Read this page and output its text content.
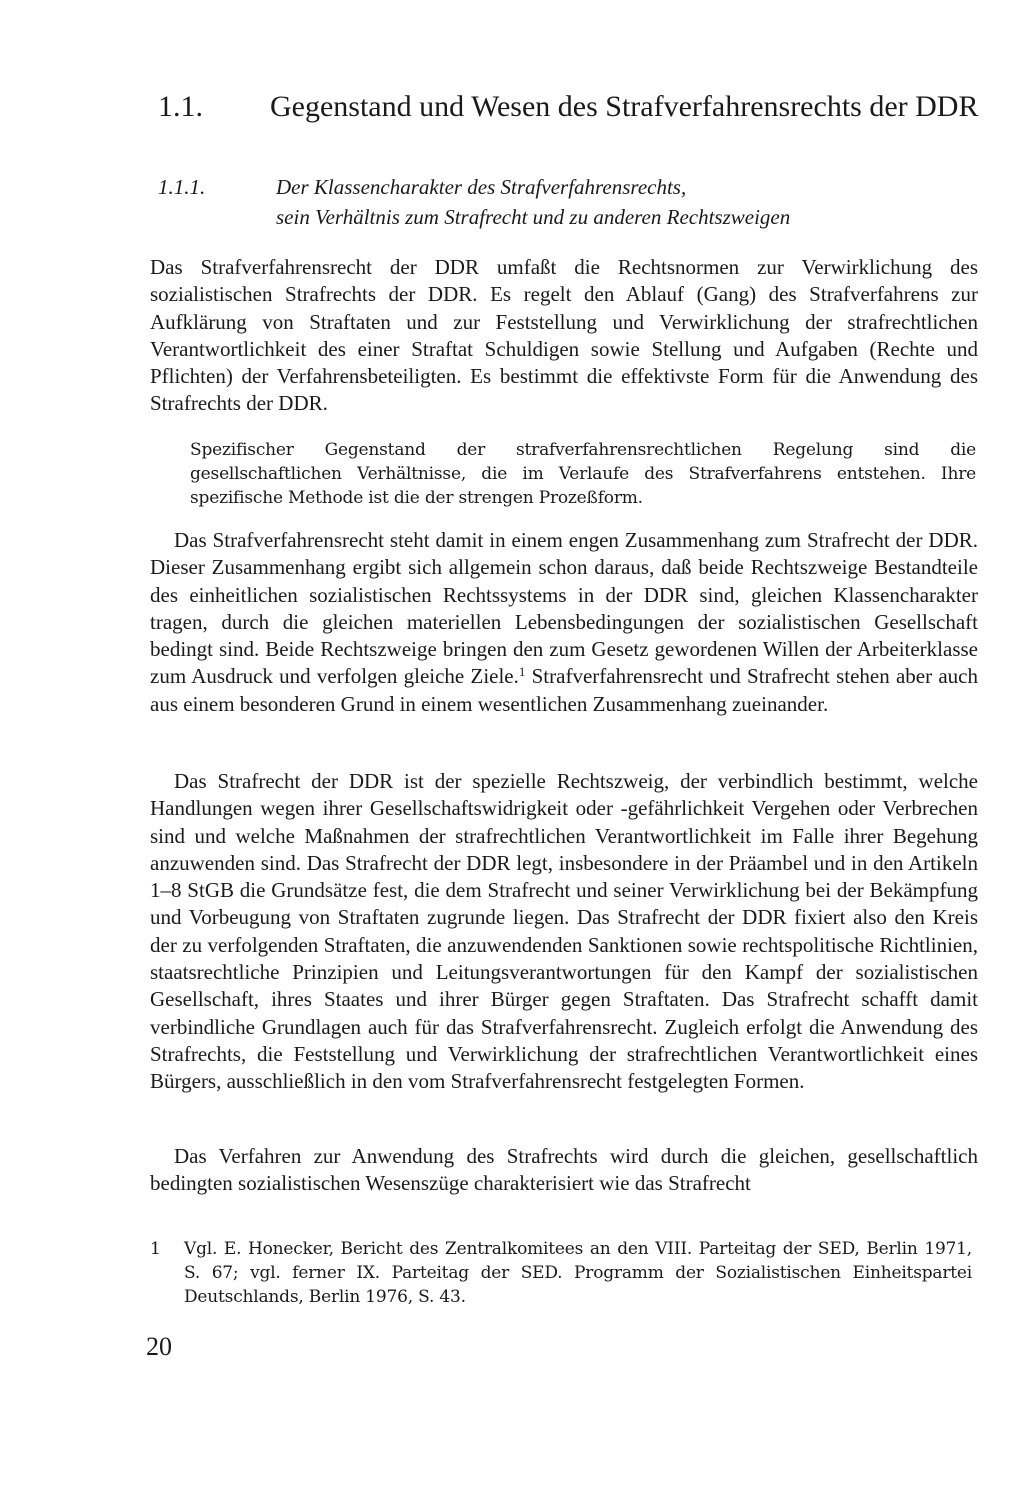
1.1. Gegenstand und Wesen des Strafverfahrensrechts der DDR
1.1.1.	Der Klassencharakter des Strafverfahrensrechts,
sein Verhältnis zum Strafrecht und zu anderen Rechtszweigen

Das Strafverfahrensrecht der DDR umfaßt die Rechtsnormen zur Verwirklichung des sozialistischen Strafrechts der DDR. Es regelt den Ablauf (Gang) des Strafverfahrens zur Aufklärung von Straftaten und zur Feststellung und Verwirklichung der strafrechtlichen Verantwortlichkeit des einer Straftat Schuldigen sowie Stellung und Aufgaben (Rechte und Pflichten) der Verfahrensbeteiligten. Es bestimmt die effektivste Form für die Anwendung des Strafrechts der DDR.

Spezifischer Gegenstand der strafverfahrensrechtlichen Regelung sind die gesellschaftlichen Verhältnisse, die im Verlaufe des Strafverfahrens entstehen. Ihre spezifische Methode ist die der strengen Prozeßform.

Das Strafverfahrensrecht steht damit in einem engen Zusammenhang zum Strafrecht der DDR. Dieser Zusammenhang ergibt sich allgemein schon daraus, daß beide Rechtszweige Bestandteile des einheitlichen sozialistischen Rechtssystems in der DDR sind, gleichen Klassencharakter tragen, durch die gleichen materiellen Lebensbedingungen der sozialistischen Gesellschaft bedingt sind. Beide Rechtszweige bringen den zum Gesetz gewordenen Willen der Arbeiterklasse zum Ausdruck und verfolgen gleiche Ziele.$^1$ Strafverfahrensrecht und Strafrecht stehen aber auch aus einem besonderen Grund in einem wesentlichen Zusammenhang zueinander.

Das Strafrecht der DDR ist der spezielle Rechtszweig, der verbindlich bestimmt, welche Handlungen wegen ihrer Gesellschaftswidrigkeit oder -gefährlichkeit Vergehen oder Verbrechen sind und welche Maßnahmen der strafrechtlichen Verantwortlichkeit im Falle ihrer Begehung anzuwenden sind. Das Strafrecht der DDR legt, insbesondere in der Präambel und in den Artikeln 1–8 StGB die Grundsätze fest, die dem Strafrecht und seiner Verwirklichung bei der Bekämpfung und Vorbeugung von Straftaten zugrunde liegen. Das Strafrecht der DDR fixiert also den Kreis der zu verfolgenden Straftaten, die anzuwendenden Sanktionen sowie rechtspolitische Richtlinien, staatsrechtliche Prinzipien und Leitungsverantwortungen für den Kampf der sozialistischen Gesellschaft, ihres Staates und ihrer Bürger gegen Straftaten. Das Strafrecht schafft damit verbindliche Grundlagen auch für das Strafverfahrensrecht. Zugleich erfolgt die Anwendung des Strafrechts, die Feststellung und Verwirklichung der strafrechtlichen Verantwortlichkeit eines Bürgers, ausschließlich in den vom Strafverfahrensrecht festgelegten Formen.

Das Verfahren zur Anwendung des Strafrechts wird durch die gleichen, gesellschaftlich bedingten sozialistischen Wesenszüge charakterisiert wie das Strafrecht

1 Vgl. E. Honecker, Bericht des Zentralkomitees an den VIII. Parteitag der SED, Berlin 1971, S. 67; vgl. ferner IX. Parteitag der SED. Programm der Sozialistischen Einheitspartei Deutschlands, Berlin 1976, S. 43.
20
